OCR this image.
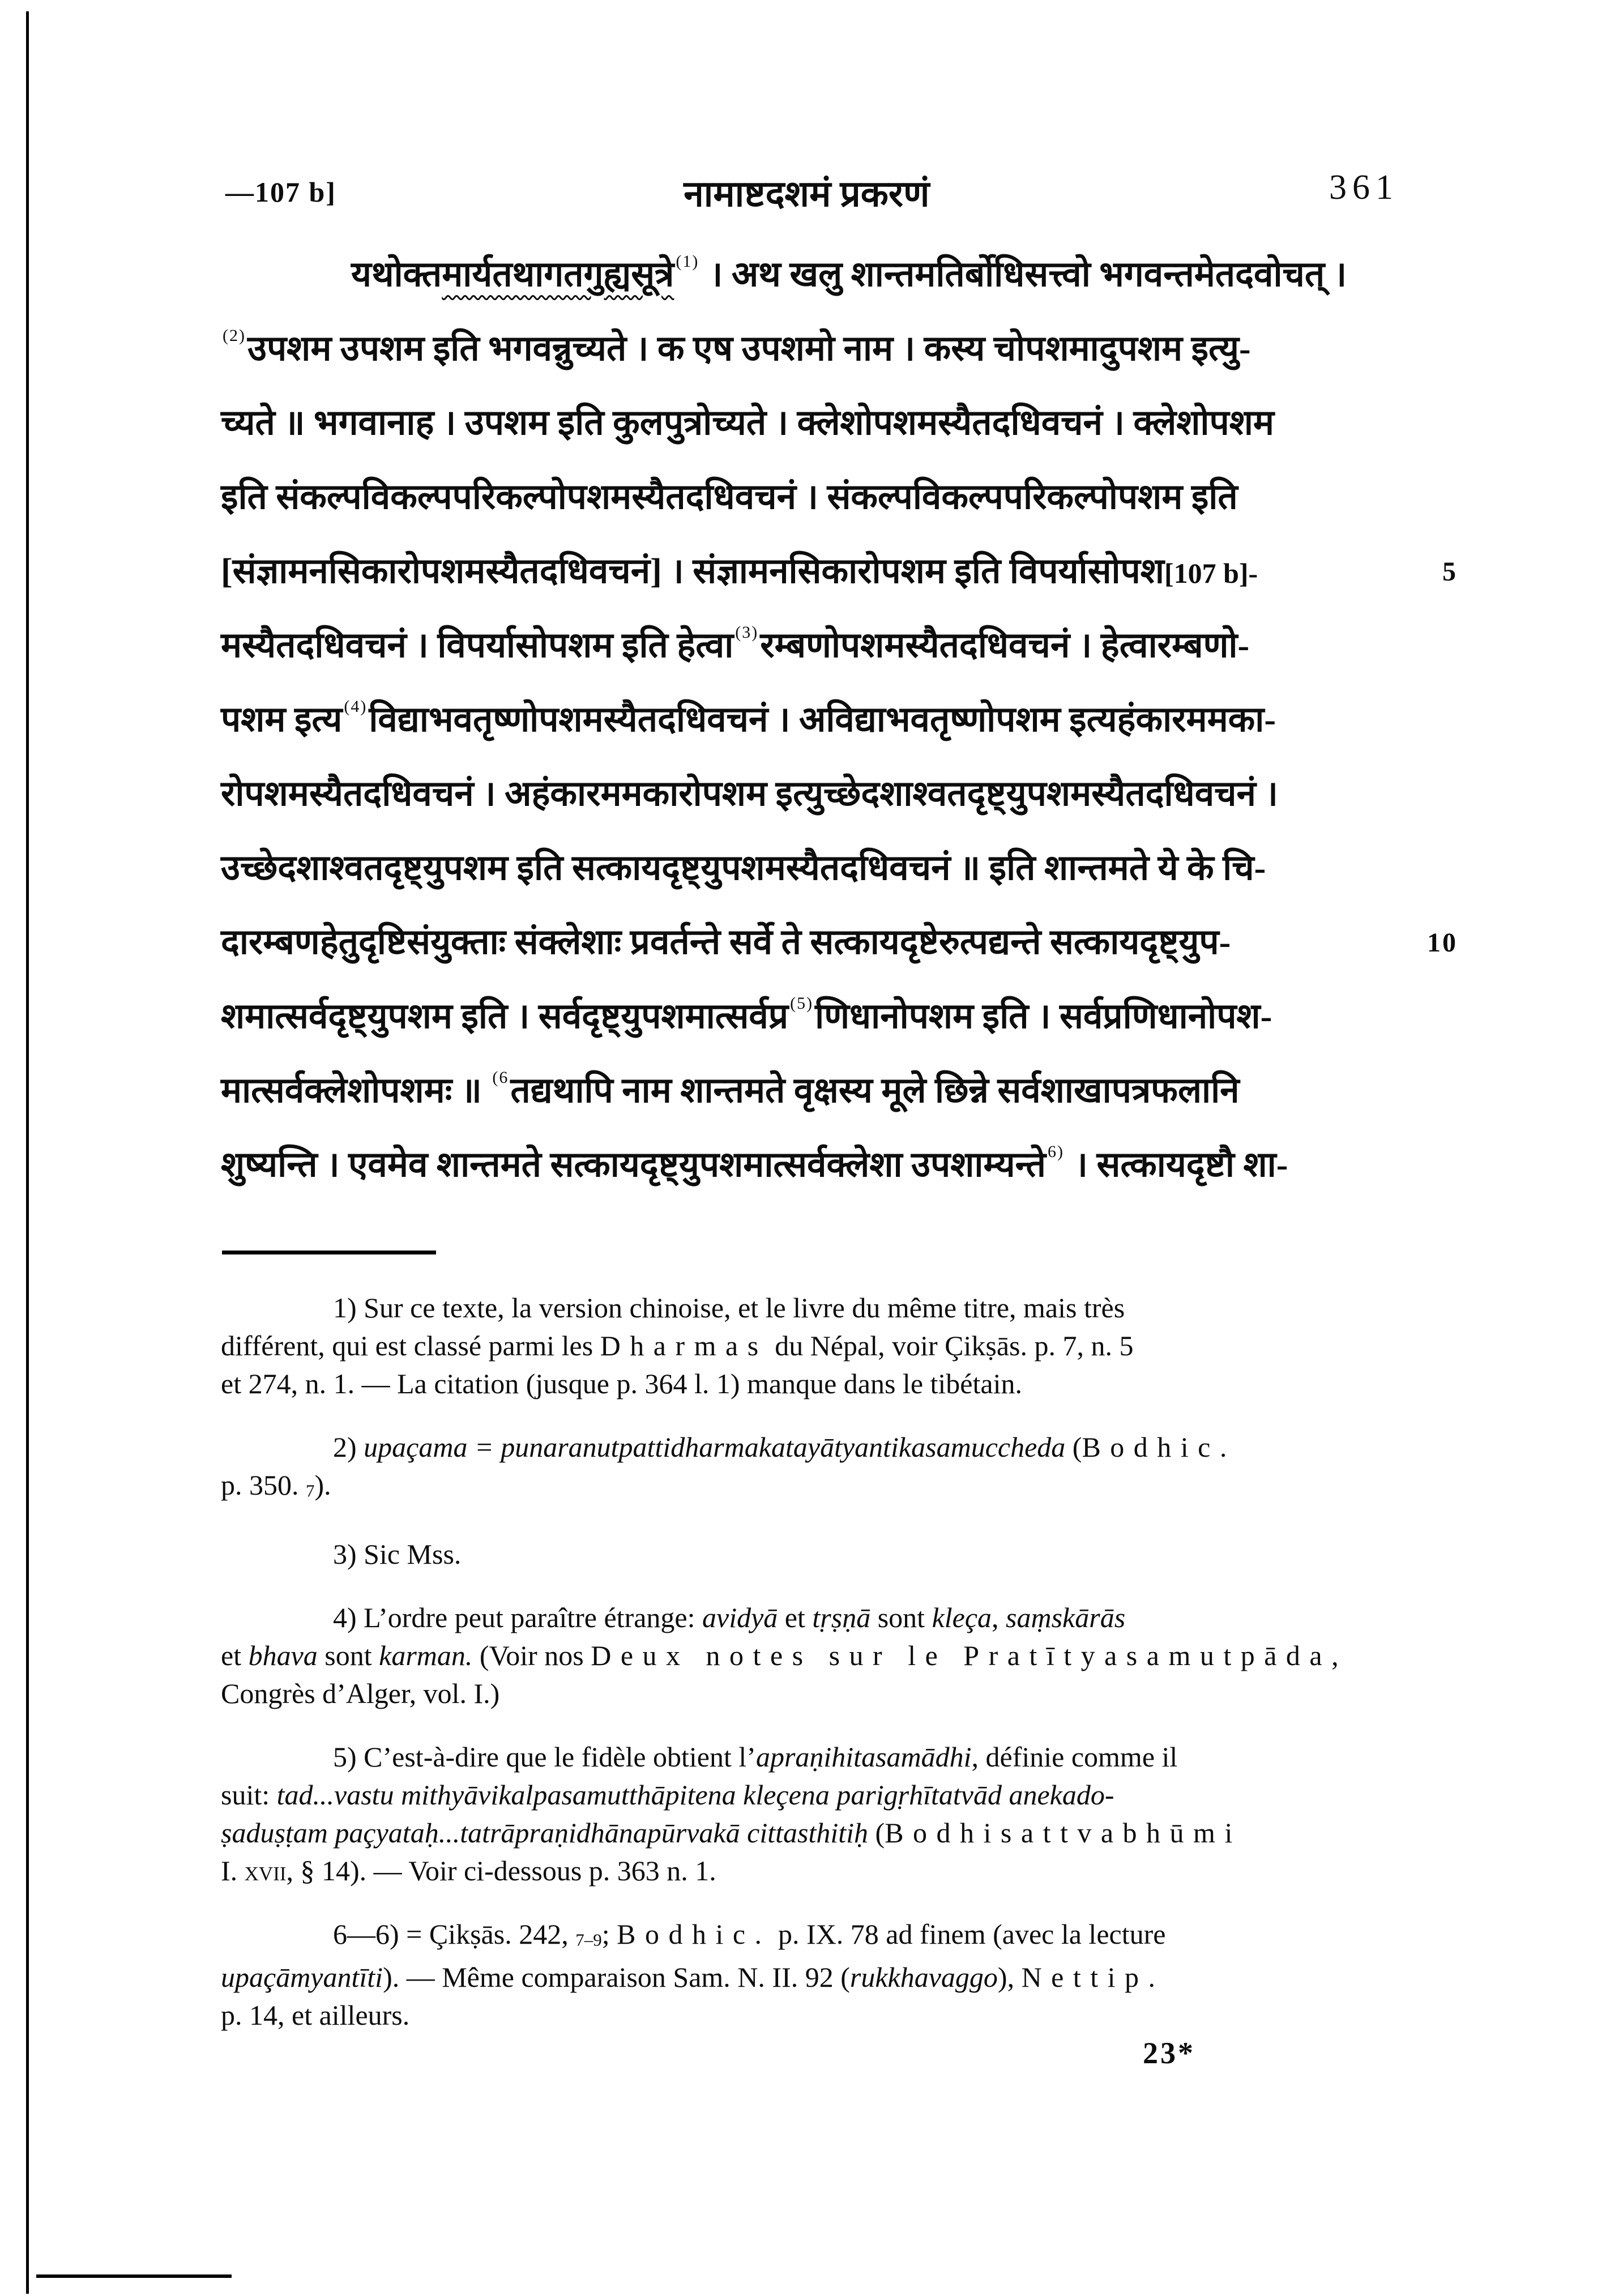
—107 b]	नामाष्टदशमं प्रकरणं	361
यथोक्तमार्यतथागतगुह्यसूत्रे $^{(1)}$ । अथ खलु शान्तमतिर्बोधिसत्त्वो भगवन्तमेतदवोचत् ।
$^{(2)}$उपशम उपशम इति भगवन्नुच्यते । क एष उपशमो नाम । कस्य चोपशमादुपशम इत्यु-
च्यते ॥ भगवानाह । उपशम इति कुलपुत्रोच्यते । क्लेशोपशमस्यैतदधिवचनं । क्लेशोपशम
इति संकल्पविकल्पपरिकल्पोपशमस्यैतदधिवचनं । संकल्पविकल्पपरिकल्पोपशम इति
[संज्ञामनसिकारोपशमस्यैतदधिवचनं] । संज्ञामनसिकारोपशम इति विपर्यासोपश[107 b]-	5
मस्यैतदधिवचनं । विपर्यासोपशम इति हेत्वा $^{(3)}$रम्बणोपशमस्यैतदधिवचनं । हेत्वारम्बणो-
पशम इत्य $^{(4)}$विद्याभवतृष्णोपशमस्यैतदधिवचनं । अविद्याभवतृष्णोपशम इत्यहंकारममका-
रोपशमस्यैतदधिवचनं । अहंकारममकारोपशम इत्युच्छेदशाश्वतदृष्ट्युपशमस्यैतदधिवचनं ।
उच्छेदशाश्वतदृष्ट्युपशम इति सत्कायदृष्ट्युपशमस्यैतदधिवचनं ॥ इति शान्तमते ये के चि-
दारम्बणहेतुदृष्टिसंयुक्ताः संक्लेशाः प्रवर्तन्ते सर्वे ते सत्कायदृष्टेरुत्पद्यन्ते सत्कायदृष्ट्युप-	10
शमात्सर्वदृष्ट्युपशम इति । सर्वदृष्ट्युपशमात्सर्वप्र $^{(5)}$णिधानोपशम इति । सर्वप्रणिधानोपश-
मात्सर्वक्लेशोपशमः ॥ $^{(6}$तद्यथापि नाम शान्तमते वृक्षस्य मूले छिन्ने सर्वशाखापत्रफलानि
शुष्यन्ति । एवमेव शान्तमते सत्कायदृष्ट्युपशमात्सर्वक्लेशा उपशाम्यन्ते $^{6)}$ । सत्कायदृष्टौ शा-
1) Sur ce texte, la version chinoise, et le livre du même titre, mais très
différent, qui est classé parmi les Dharmas du Népal, voir Çikṣās. p. 7, n. 5
et 274, n. 1. — La citation (jusque p. 364 l. 1) manque dans le tibétain.
2) upaçama = punaranutpattidharmakatayātyantikasamuccheda (Bodhic.
p. 350. 7).
3) Sic Mss.
4) L’ordre peut paraître étrange: avidyā et tṛṣṇā sont kleça, saṃskārās
et bhava sont karman. (Voir nos Deux notes sur le Pratītyasamutpāda,
Congrès d’Alger, vol. I.)
5) C’est-à-dire que le fidèle obtient l’apraṇihitasamādhi, définie comme il
suit: tad...vastu mithyāvikalpasamutthāpitena kleçena parigṛhītatvād anekado-
ṣaduṣṭam paçyataḥ...tatrāpraṇidhānapūrvakā cittasthitiḥ (Bodhisattvabhūmi
I. xvii, § 14). — Voir ci-dessous p. 363 n. 1.
6—6) = Çikṣās. 242, 7–9; Bodhic. p. IX. 78 ad finem (avec la lecture
upaçāmyantīti). — Même comparaison Sam. N. II. 92 (rukkhavaggo), Nettip.
p. 14, et ailleurs.
23*
